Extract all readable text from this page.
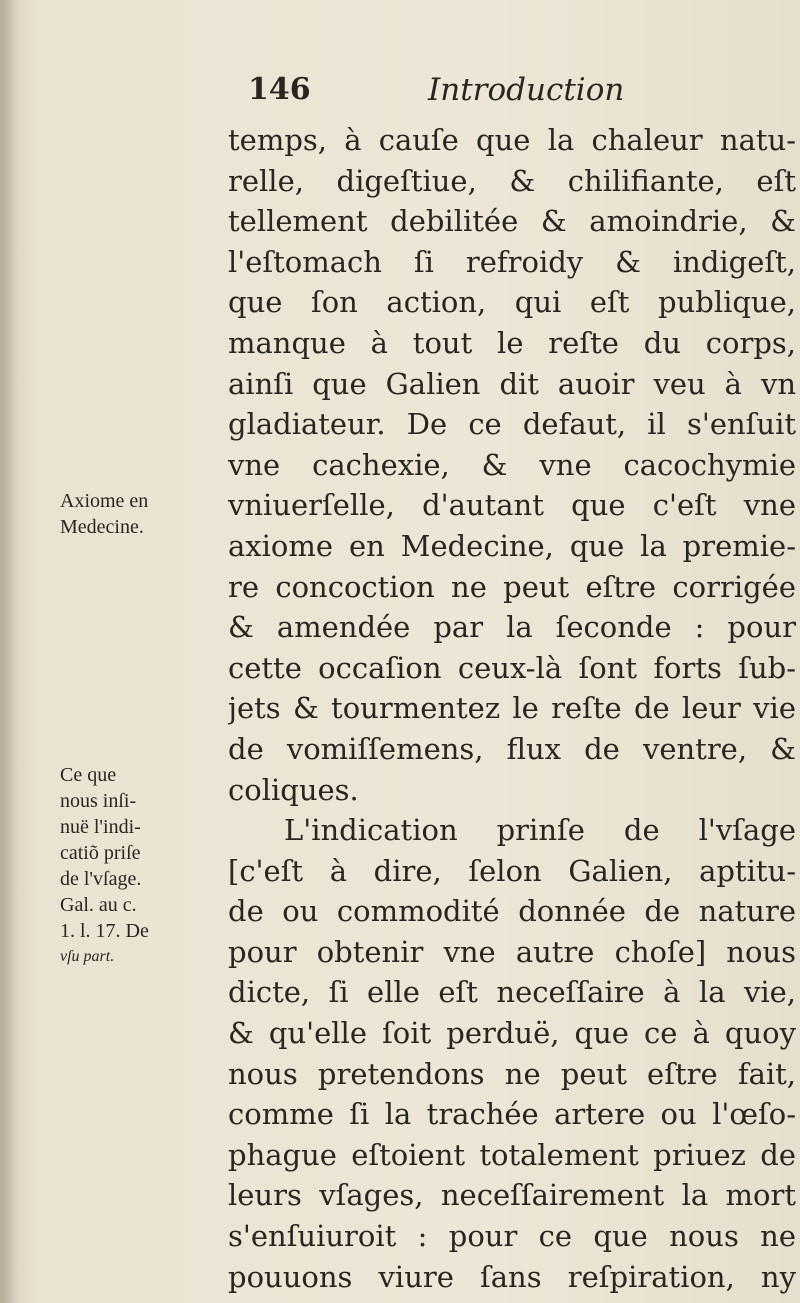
146	Introduction
Axiome en
Medecine.
Ce que
nous inſi-
nuë l'indi-
catiõ priſe
de l'vſage.
Gal. au c.
1. l. 17. De
vſu part.
temps, à cauſe que la chaleur natu-
relle, digeſtiue, & chilifiante, eſt
tellement debilitée & amoindrie, &
l'eſtomach ſi refroidy & indigeſt,
que ſon action, qui eſt publique,
manque à tout le reſte du corps,
ainſi que Galien dit auoir veu à vn
gladiateur. De ce defaut, il s'enſuit
vne cachexie, & vne cacochymie
vniuerſelle, d'autant que c'eſt vne
axiome en Medecine, que la premie-
re concoction ne peut eſtre corrigée
& amendée par la ſeconde : pour
cette occaſion ceux-là ſont forts ſub-
jets & tourmentez le reſte de leur vie
de vomiſſemens, flux de ventre, &
coliques.
L'indication prinſe de l'vſage
[c'eſt à dire, ſelon Galien, aptitu-
de ou commodité donnée de nature
pour obtenir vne autre choſe] nous
dicte, ſi elle eſt neceſſaire à la vie,
& qu'elle ſoit perduë, que ce à quoy
nous pretendons ne peut eſtre fait,
comme ſi la trachée artere ou l'œſo-
phague eſtoient totalement priuez de
leurs vſages, neceſſairement la mort
s'enſuiuroit : pour ce que nous ne
pouuons viure ſans reſpiration, ny
